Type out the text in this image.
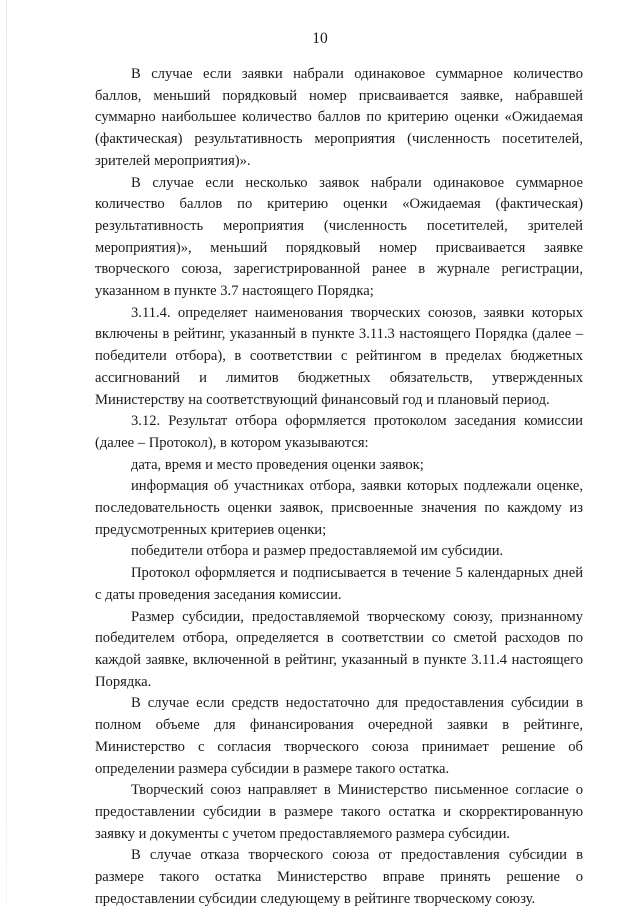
10

В случае если заявки набрали одинаковое суммарное количество баллов, меньший порядковый номер присваивается заявке, набравшей суммарно наибольшее количество баллов по критерию оценки «Ожидаемая (фактическая) результативность мероприятия (численность посетителей, зрителей мероприятия)».

В случае если несколько заявок набрали одинаковое суммарное количество баллов по критерию оценки «Ожидаемая (фактическая) результативность мероприятия (численность посетителей, зрителей мероприятия)», меньший порядковый номер присваивается заявке творческого союза, зарегистрированной ранее в журнале регистрации, указанном в пункте 3.7 настоящего Порядка;

3.11.4. определяет наименования творческих союзов, заявки которых включены в рейтинг, указанный в пункте 3.11.3 настоящего Порядка (далее – победители отбора), в соответствии с рейтингом в пределах бюджетных ассигнований и лимитов бюджетных обязательств, утвержденных Министерству на соответствующий финансовый год и плановый период.

3.12. Результат отбора оформляется протоколом заседания комиссии (далее – Протокол), в котором указываются:

дата, время и место проведения оценки заявок;

информация об участниках отбора, заявки которых подлежали оценке, последовательность оценки заявок, присвоенные значения по каждому из предусмотренных критериев оценки;

победители отбора и размер предоставляемой им субсидии.

Протокол оформляется и подписывается в течение 5 календарных дней с даты проведения заседания комиссии.

Размер субсидии, предоставляемой творческому союзу, признанному победителем отбора, определяется в соответствии со сметой расходов по каждой заявке, включенной в рейтинг, указанный в пункте 3.11.4 настоящего Порядка.

В случае если средств недостаточно для предоставления субсидии в полном объеме для финансирования очередной заявки в рейтинге, Министерство с согласия творческого союза принимает решение об определении размера субсидии в размере такого остатка.

Творческий союз направляет в Министерство письменное согласие о предоставлении субсидии в размере такого остатка и скорректированную заявку и документы с учетом предоставляемого размера субсидии.

В случае отказа творческого союза от предоставления субсидии в размере такого остатка Министерство вправе принять решение о предоставлении субсидии следующему в рейтинге творческому союзу.
